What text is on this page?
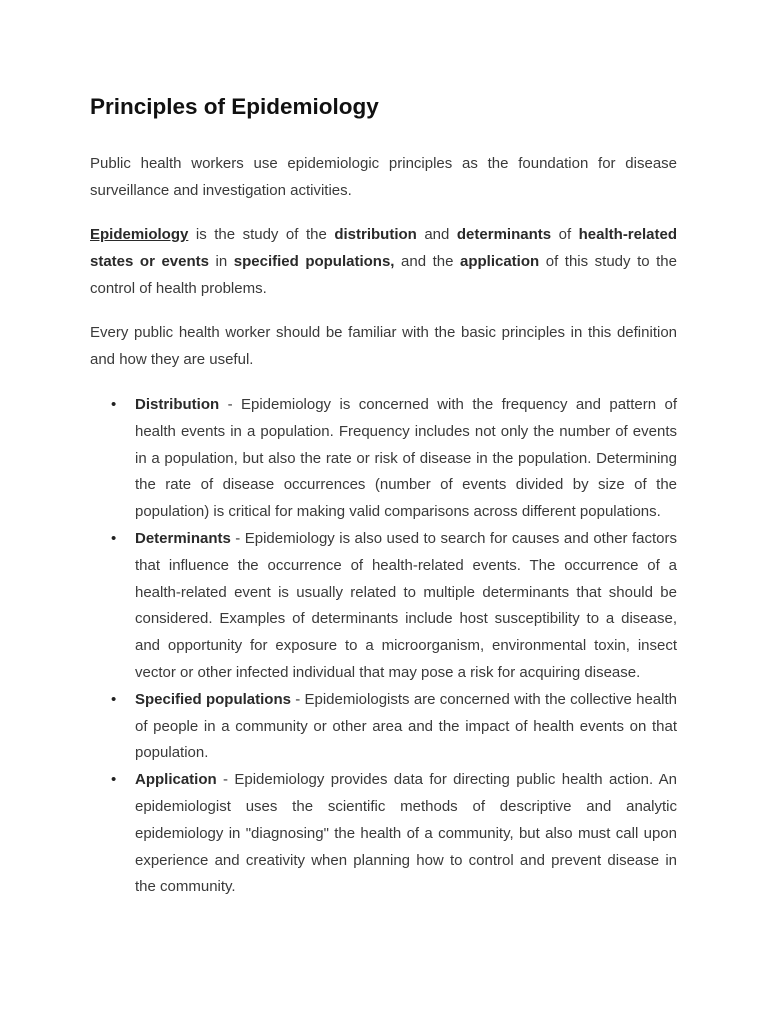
Principles of Epidemiology

Public health workers use epidemiologic principles as the foundation for disease surveillance and investigation activities.

Epidemiology is the study of the distribution and determinants of health-related states or events in specified populations, and the application of this study to the control of health problems.

Every public health worker should be familiar with the basic principles in this definition and how they are useful.

• Distribution - Epidemiology is concerned with the frequency and pattern of health events in a population. Frequency includes not only the number of events in a population, but also the rate or risk of disease in the population. Determining the rate of disease occurrences (number of events divided by size of the population) is critical for making valid comparisons across different populations.
• Determinants - Epidemiology is also used to search for causes and other factors that influence the occurrence of health-related events. The occurrence of a health-related event is usually related to multiple determinants that should be considered. Examples of determinants include host susceptibility to a disease, and opportunity for exposure to a microorganism, environmental toxin, insect vector or other infected individual that may pose a risk for acquiring disease.
• Specified populations - Epidemiologists are concerned with the collective health of people in a community or other area and the impact of health events on that population.
• Application - Epidemiology provides data for directing public health action. An epidemiologist uses the scientific methods of descriptive and analytic epidemiology in "diagnosing" the health of a community, but also must call upon experience and creativity when planning how to control and prevent disease in the community.
